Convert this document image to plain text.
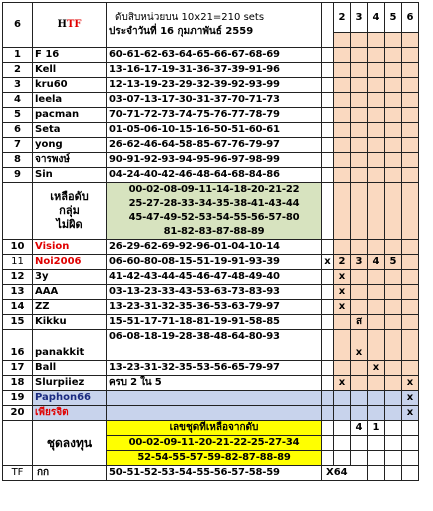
6	HTF	ดับสิบหน่วยบน 10x21=210 sets
ประจำวันที่ 16 กุมภาพันธ์ 2559		2	3	4	5	6

1	F 16	60-61-62-63-64-65-66-67-68-69						
2	Kell	13-16-17-19-31-36-37-39-91-96						
3	kru60	12-13-19-23-29-32-39-92-93-99						
4	leela	03-07-13-17-30-31-37-70-71-73						
5	pacman	70-71-72-73-74-75-76-77-78-79						
6	Seta	01-05-06-10-15-16-50-51-60-61						
7	yong	26-62-46-64-58-85-67-76-79-97						
8	จารพงษ์	90-91-92-93-94-95-96-97-98-99						
9	Sin	04-24-40-42-46-48-64-68-84-86						

	เหลือดับ
กลุ่ม
ไม่ผิด	00-02-08-09-11-14-18-20-21-22
25-27-28-33-34-35-38-41-43-44
45-47-49-52-53-54-55-56-57-80
81-82-83-87-88-89						

10	Vision	26-29-62-69-92-96-01-04-10-14						
11	Noi2006	06-60-80-08-15-51-19-91-93-39	x	2	3	4	5	
12	3y	41-42-43-44-45-46-47-48-49-40		x				
13	AAA	03-13-23-33-43-53-63-73-83-93		x				
14	ZZ	13-23-31-32-35-36-53-63-79-97		x				
15	Kikku	15-51-17-71-18-81-19-91-58-85			ส			
16	panakkit	06-08-18-19-28-38-48-64-80-93			x			
17	Ball	13-23-31-32-35-53-56-65-79-97				x		
18	Slurpiiez	ครบ 2 ใน 5		x				x
19	Paphon66							x
20	เพียรจิต							x
	ชุดลงทุน	เลขชุดที่เหลือจากดับ			4	1		
		00-02-09-11-20-21-22-25-27-34						
		52-54-55-57-59-82-87-88-89						
TF	กก	50-51-52-53-54-55-56-57-58-59	X64					
